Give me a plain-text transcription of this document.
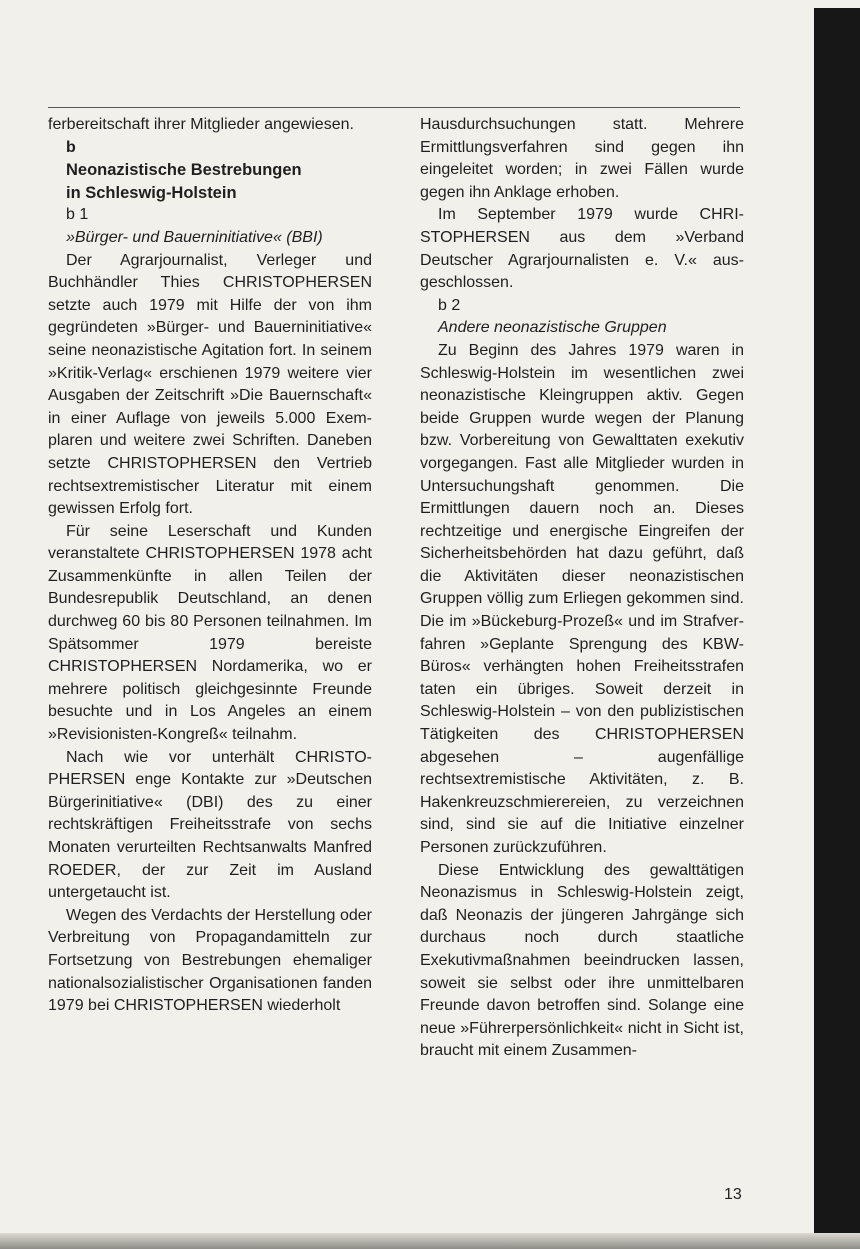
ferbereitschaft ihrer Mitglieder angewiesen.

b

Neonazistische Bestrebungen

in Schleswig-Holstein

b 1

»Bürger- und Bauerninitiative« (BBI)

Der Agrarjournalist, Verleger und Buchhändler Thies CHRISTOPHERSEN setzte auch 1979 mit Hilfe der von ihm gegründeten »Bürger- und Bauerninitiative« seine neonazistische Agitation fort. In seinem »Kritik-Verlag« erschienen 1979 weitere vier Ausgaben der Zeitschrift »Die Bauernschaft« in einer Auflage von jeweils 5.000 Exemplaren und weitere zwei Schriften. Daneben setzte CHRISTOPHERSEN den Vertrieb rechtsextremistischer Literatur mit einem gewissen Erfolg fort.

Für seine Leserschaft und Kunden veranstaltete CHRISTOPHERSEN 1978 acht Zusammenkünfte in allen Teilen der Bundesrepublik Deutschland, an denen durchweg 60 bis 80 Personen teilnahmen. Im Spätsommer 1979 bereiste CHRISTOPHERSEN Nordamerika, wo er mehrere politisch gleichgesinnte Freunde besuchte und in Los Angeles an einem »Revisionisten-Kongreß« teilnahm.

Nach wie vor unterhält CHRISTOPHERSEN enge Kontakte zur »Deutschen Bürgerinitiative« (DBI) des zu einer rechtskräftigen Freiheitsstrafe von sechs Monaten verurteilten Rechtsanwalts Manfred ROEDER, der zur Zeit im Ausland untergetaucht ist.

Wegen des Verdachts der Herstellung oder Verbreitung von Propagandamitteln zur Fortsetzung von Bestrebungen ehemaliger nationalsozialistischer Organisationen fanden 1979 bei CHRISTOPHERSEN wiederholt

Hausdurchsuchungen statt. Mehrere Ermittlungsverfahren sind gegen ihn eingeleitet worden; in zwei Fällen wurde gegen ihn Anklage erhoben.

Im September 1979 wurde CHRISTOPHERSEN aus dem »Verband Deutscher Agrarjournalisten e. V.« ausgeschlossen.

b 2

Andere neonazistische Gruppen

Zu Beginn des Jahres 1979 waren in Schleswig-Holstein im wesentlichen zwei neonazistische Kleingruppen aktiv. Gegen beide Gruppen wurde wegen der Planung bzw. Vorbereitung von Gewalttaten exekutiv vorgegangen. Fast alle Mitglieder wurden in Untersuchungshaft genommen. Die Ermittlungen dauern noch an. Dieses rechtzeitige und energische Eingreifen der Sicherheitsbehörden hat dazu geführt, daß die Aktivitäten dieser neonazistischen Gruppen völlig zum Erliegen gekommen sind. Die im »Bückeburg-Prozeß« und im Strafverfahren »Geplante Sprengung des KBW-Büros« verhängten hohen Freiheitsstrafen taten ein übriges. Soweit derzeit in Schleswig-Holstein – von den publizistischen Tätigkeiten des CHRISTOPHERSEN abgesehen – augenfällige rechtsextremistische Aktivitäten, z. B. Hakenkreuzschmierereien, zu verzeichnen sind, sind sie auf die Initiative einzelner Personen zurückzuführen.

Diese Entwicklung des gewalttätigen Neonazismus in Schleswig-Holstein zeigt, daß Neonazis der jüngeren Jahrgänge sich durchaus noch durch staatliche Exekutivmaßnahmen beeindrucken lassen, soweit sie selbst oder ihre unmittelbaren Freunde davon betroffen sind. Solange eine neue »Führerpersönlichkeit« nicht in Sicht ist, braucht mit einem Zusammen-

13
